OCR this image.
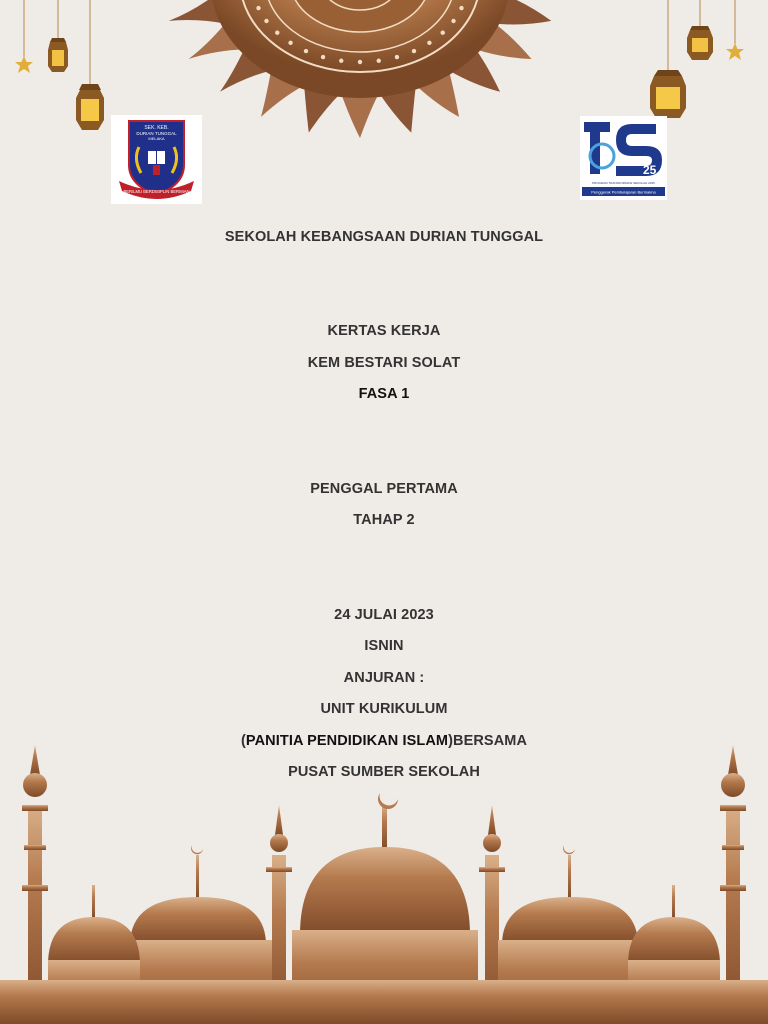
SEK. KEB.
DURIAN TUNGGAL
MELAKA
BERILMU BERDISIPLIN BERIMAN
25
PROGRAM TRANSFORMASI SEKOLAH 2025
Penggerak Pembelajaran Bermakna
SEKOLAH KEBANGSAAN DURIAN TUNGGAL
KERTAS KERJA
KEM BESTARI SOLAT
FASA 1
PENGGAL PERTAMA
TAHAP 2
24 JULAI 2023
ISNIN
ANJURAN :
UNIT KURIKULUM
(PANITIA PENDIDIKAN ISLAM)BERSAMA
PUSAT SUMBER SEKOLAH
